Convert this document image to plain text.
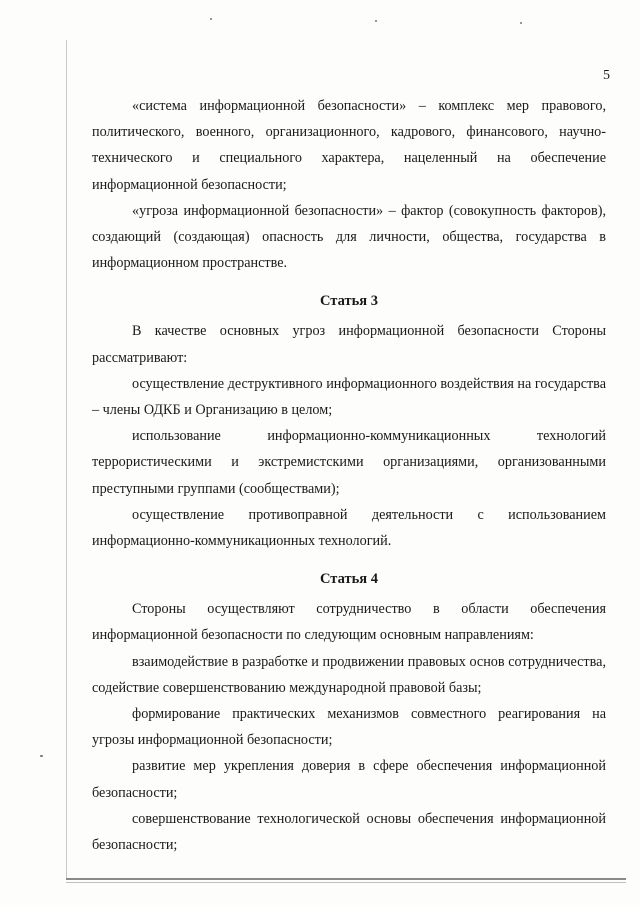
5

«система информационной безопасности» – комплекс мер правового, политического, военного, организационного, кадрового, финансового, научно-технического и специального характера, нацеленный на обеспечение информационной безопасности;

«угроза информационной безопасности» – фактор (совокупность факторов), создающий (создающая) опасность для личности, общества, государства в информационном пространстве.

Статья 3

В качестве основных угроз информационной безопасности Стороны рассматривают:

осуществление деструктивного информационного воздействия на государства – члены ОДКБ и Организацию в целом;

использование информационно-коммуникационных технологий террористическими и экстремистскими организациями, организованными преступными группами (сообществами);

осуществление противоправной деятельности с использованием информационно-коммуникационных технологий.

Статья 4

Стороны осуществляют сотрудничество в области обеспечения информационной безопасности по следующим основным направлениям:

взаимодействие в разработке и продвижении правовых основ сотрудничества, содействие совершенствованию международной правовой базы;

формирование практических механизмов совместного реагирования на угрозы информационной безопасности;

развитие мер укрепления доверия в сфере обеспечения информационной безопасности;

совершенствование технологической основы обеспечения информационной безопасности;
